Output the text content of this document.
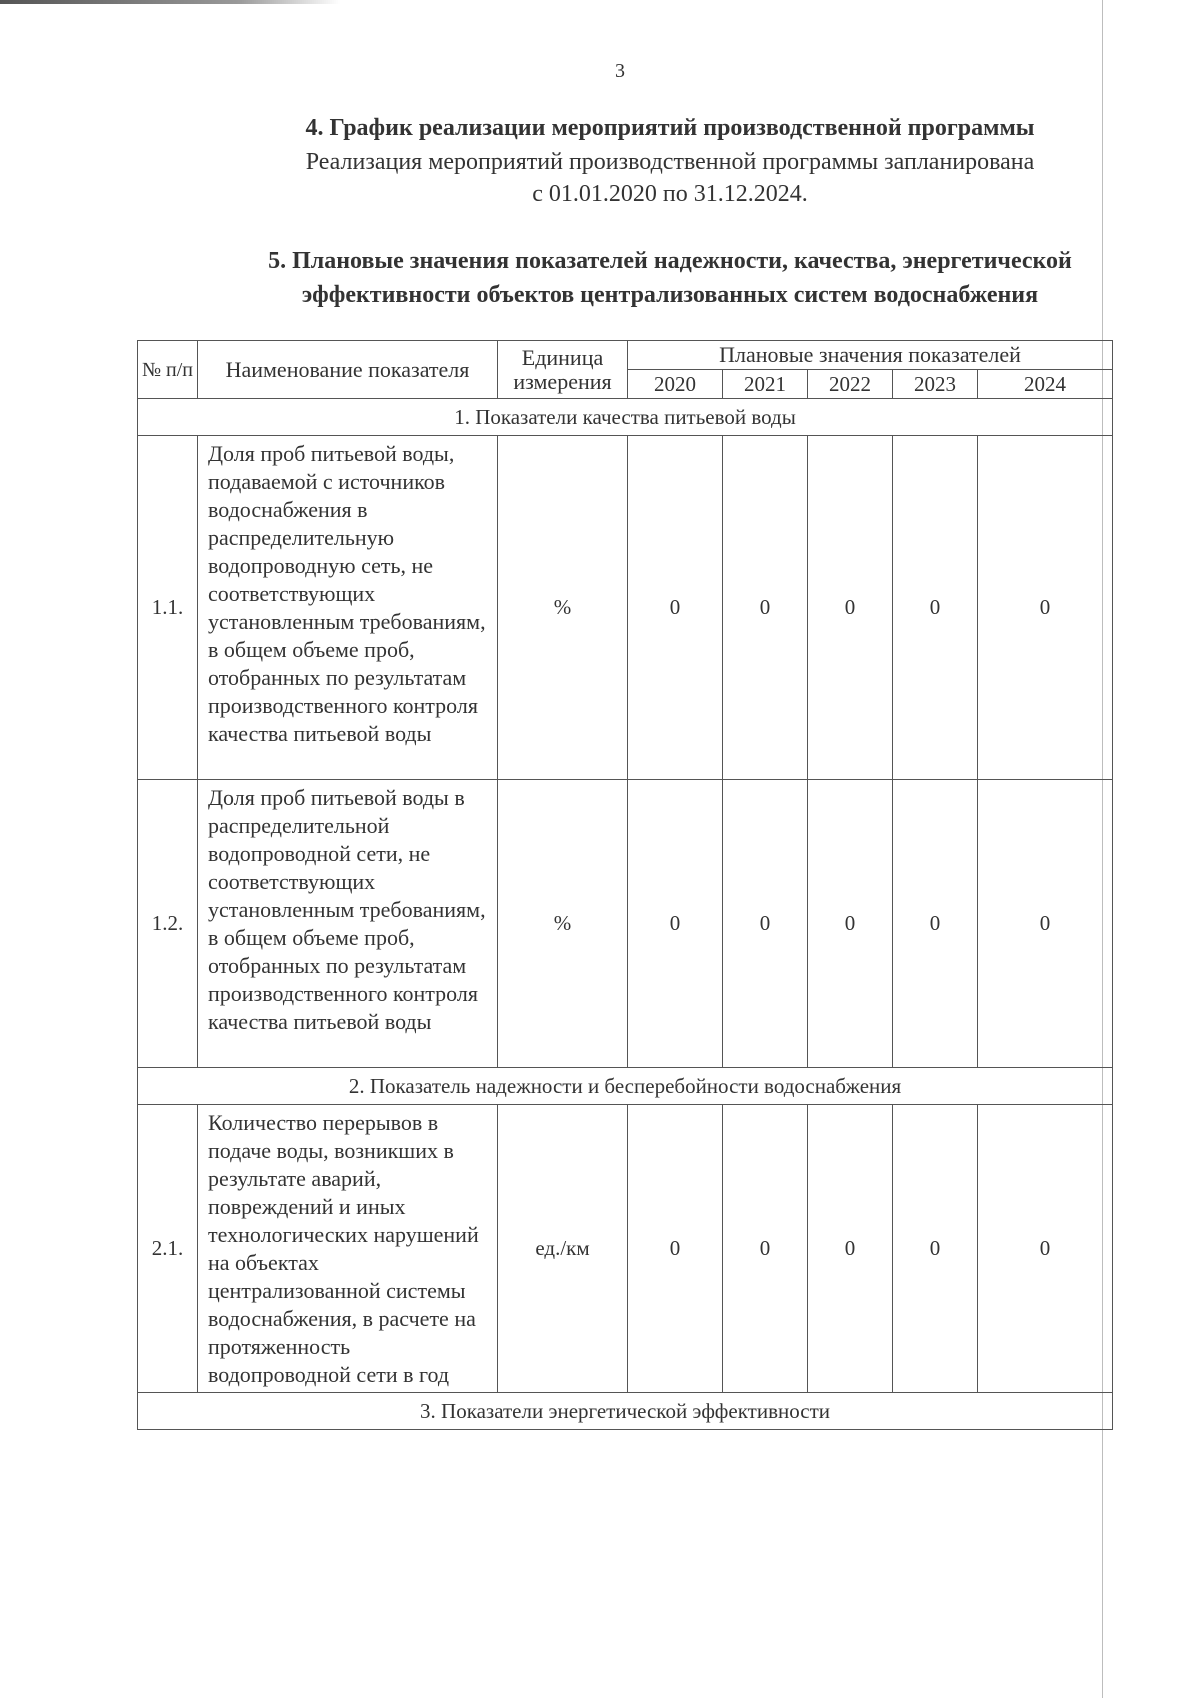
3
4. График реализации мероприятий производственной программы
Реализация мероприятий производственной программы запланирована
с 01.01.2020 по 31.12.2024.
5. Плановые значения показателей надежности, качества, энергетической
эффективности объектов централизованных систем водоснабжения
№ п/п	Наименование показателя	Единица измерения	Плановые значения показателей				
			2020	2021	2022	2023	2024
1. Показатели качества питьевой воды							
1.1.	Доля проб питьевой воды, подаваемой с источников водоснабжения в распределительную водопроводную сеть, не соответствующих установленным требованиям, в общем объеме проб, отобранных по результатам производственного контроля качества питьевой воды	%	0	0	0	0	0
1.2.	Доля проб питьевой воды в распределительной водопроводной сети, не соответствующих установленным требованиям, в общем объеме проб, отобранных по результатам производственного контроля качества питьевой воды	%	0	0	0	0	0
2. Показатель надежности и бесперебойности водоснабжения							
2.1.	Количество перерывов в подаче воды, возникших в результате аварий, повреждений и иных технологических нарушений на объектах централизованной системы водоснабжения, в расчете на протяженность водопроводной сети в год	ед./км	0	0	0	0	0
3. Показатели энергетической эффективности							
